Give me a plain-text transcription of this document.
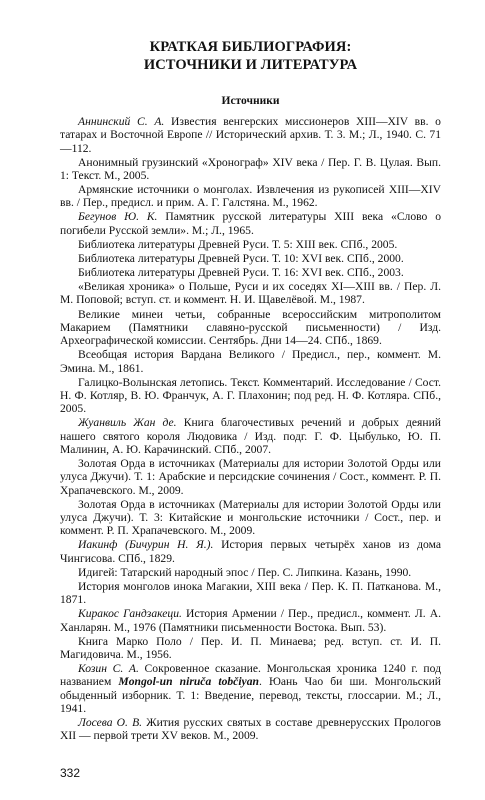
КРАТКАЯ БИБЛИОГРАФИЯ:
ИСТОЧНИКИ И ЛИТЕРАТУРА
Источники

Аннинский С. А. Известия венгерских миссионеров XIII—XIV вв. о татарах и Восточной Европе // Исторический архив. Т. 3. М.; Л., 1940. С. 71—112.

Анонимный грузинский «Хронограф» XIV века / Пер. Г. В. Цулая. Вып. 1: Текст. М., 2005.

Армянские источники о монголах. Извлечения из рукописей XIII—XIV вв. / Пер., предисл. и прим. А. Г. Галстяна. М., 1962.

Бегунов Ю. К. Памятник русской литературы XIII века «Слово о погибели Русской земли». М.; Л., 1965.

Библиотека литературы Древней Руси. Т. 5: XIII век. СПб., 2005.

Библиотека литературы Древней Руси. Т. 10: XVI век. СПб., 2000.

Библиотека литературы Древней Руси. Т. 16: XVI век. СПб., 2003.

«Великая хроника» о Польше, Руси и их соседях XI—XIII вв. / Пер. Л. М. Поповой; вступ. ст. и коммент. Н. И. Щавелёвой. М., 1987.

Великие минеи четьи, собранные всероссийским митрополитом Макарием (Памятники славяно-русской письменности) / Изд. Археографической комиссии. Сентябрь. Дни 14—24. СПб., 1869.

Всеобщая история Вардана Великого / Предисл., пер., коммент. М. Эмина. М., 1861.

Галицко-Волынская летопись. Текст. Комментарий. Исследование / Сост. Н. Ф. Котляр, В. Ю. Франчук, А. Г. Плахонин; под ред. Н. Ф. Котляра. СПб., 2005.

Жуанвиль Жан де. Книга благочестивых речений и добрых деяний нашего святого короля Людовика / Изд. подг. Г. Ф. Цыбулько, Ю. П. Малинин, А. Ю. Карачинский. СПб., 2007.

Золотая Орда в источниках (Материалы для истории Золотой Орды или улуса Джучи). Т. 1: Арабские и персидские сочинения / Сост., коммент. Р. П. Храпачевского. М., 2009.

Золотая Орда в источниках (Материалы для истории Золотой Орды или улуса Джучи). Т. 3: Китайские и монгольские источники / Сост., пер. и коммент. Р. П. Храпачевского. М., 2009.

Иакинф (Бичурин Н. Я.). История первых четырёх ханов из дома Чингисова. СПб., 1829.

Идигей: Татарский народный эпос / Пер. С. Липкина. Казань, 1990.

История монголов инока Магакии, XIII века / Пер. К. П. Патканова. М., 1871.

Киракос Гандзакеци. История Армении / Пер., предисл., коммент. Л. А. Ханларян. М., 1976 (Памятники письменности Востока. Вып. 53).

Книга Марко Поло / Пер. И. П. Минаева; ред. вступ. ст. И. П. Магидовича. М., 1956.

Козин С. А. Сокровенное сказание. Монгольская хроника 1240 г. под названием Mongol-un niruča tobčiyan. Юань Чао би ши. Монгольский обыденный изборник. Т. 1: Введение, перевод, тексты, глоссарии. М.; Л., 1941.

Лосева О. В. Жития русских святых в составе древнерусских Прологов XII — первой трети XV веков. М., 2009.

332
